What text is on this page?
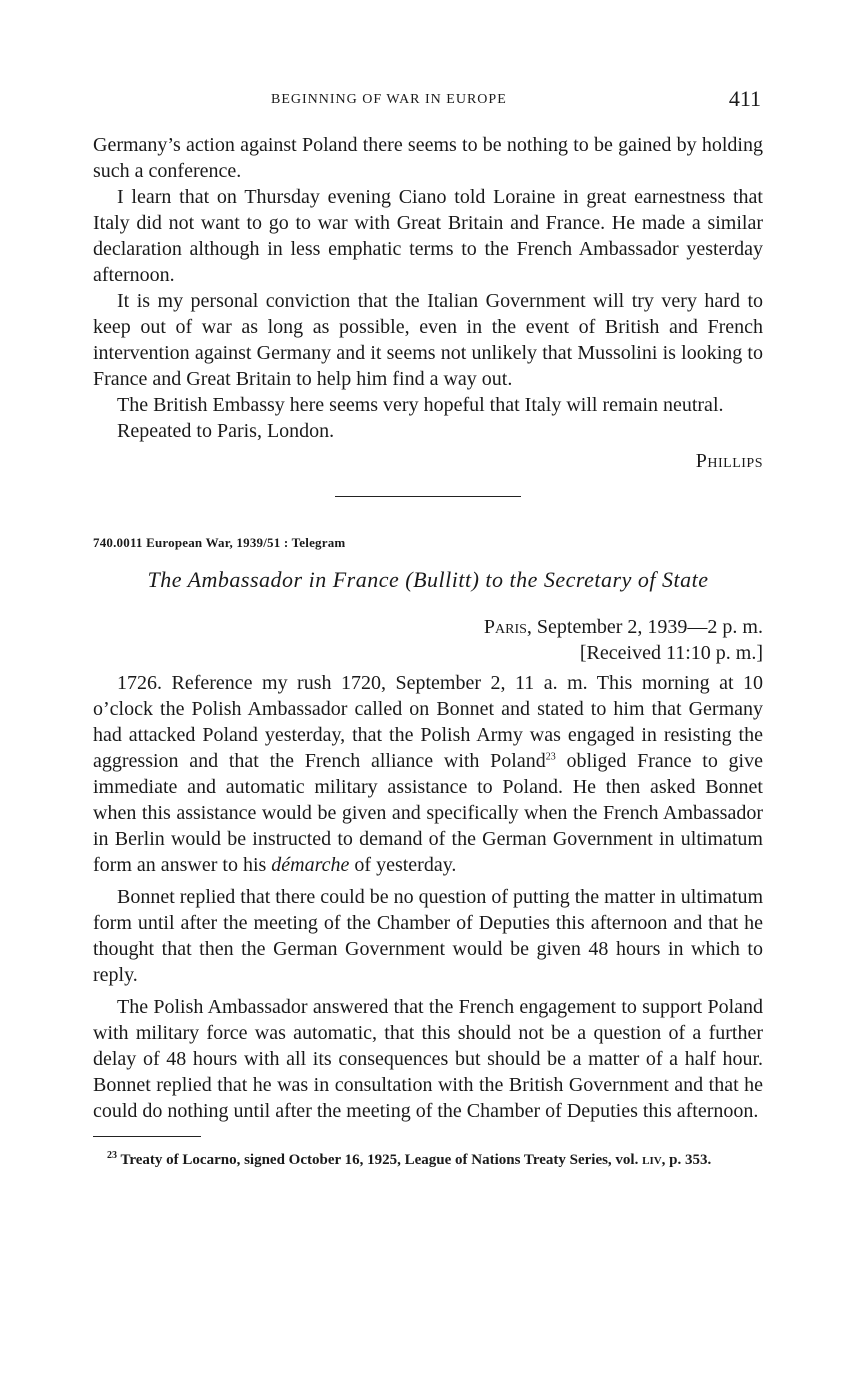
BEGINNING OF WAR IN EUROPE	411

Germany’s action against Poland there seems to be nothing to be gained by holding such a conference.

I learn that on Thursday evening Ciano told Loraine in great earnestness that Italy did not want to go to war with Great Britain and France. He made a similar declaration although in less emphatic terms to the French Ambassador yesterday afternoon.

It is my personal conviction that the Italian Government will try very hard to keep out of war as long as possible, even in the event of British and French intervention against Germany and it seems not unlikely that Mussolini is looking to France and Great Britain to help him find a way out.

The British Embassy here seems very hopeful that Italy will remain neutral.

Repeated to Paris, London.

Phillips
740.0011 European War, 1939/51 : Telegram
The Ambassador in France (Bullitt) to the Secretary of State
Paris, September 2, 1939—2 p. m.
[Received 11:10 p. m.]

1726. Reference my rush 1720, September 2, 11 a. m. This morning at 10 o’clock the Polish Ambassador called on Bonnet and stated to him that Germany had attacked Poland yesterday, that the Polish Army was engaged in resisting the aggression and that the French alliance with Poland$^{23}$ obliged France to give immediate and automatic military assistance to Poland. He then asked Bonnet when this assistance would be given and specifically when the French Ambassador in Berlin would be instructed to demand of the German Government in ultimatum form an answer to his démarche of yesterday.

Bonnet replied that there could be no question of putting the matter in ultimatum form until after the meeting of the Chamber of Deputies this afternoon and that he thought that then the German Government would be given 48 hours in which to reply.

The Polish Ambassador answered that the French engagement to support Poland with military force was automatic, that this should not be a question of a further delay of 48 hours with all its consequences but should be a matter of a half hour. Bonnet replied that he was in consultation with the British Government and that he could do nothing until after the meeting of the Chamber of Deputies this afternoon.

$^{23}$ Treaty of Locarno, signed October 16, 1925, League of Nations Treaty Series, vol. liv, p. 353.
